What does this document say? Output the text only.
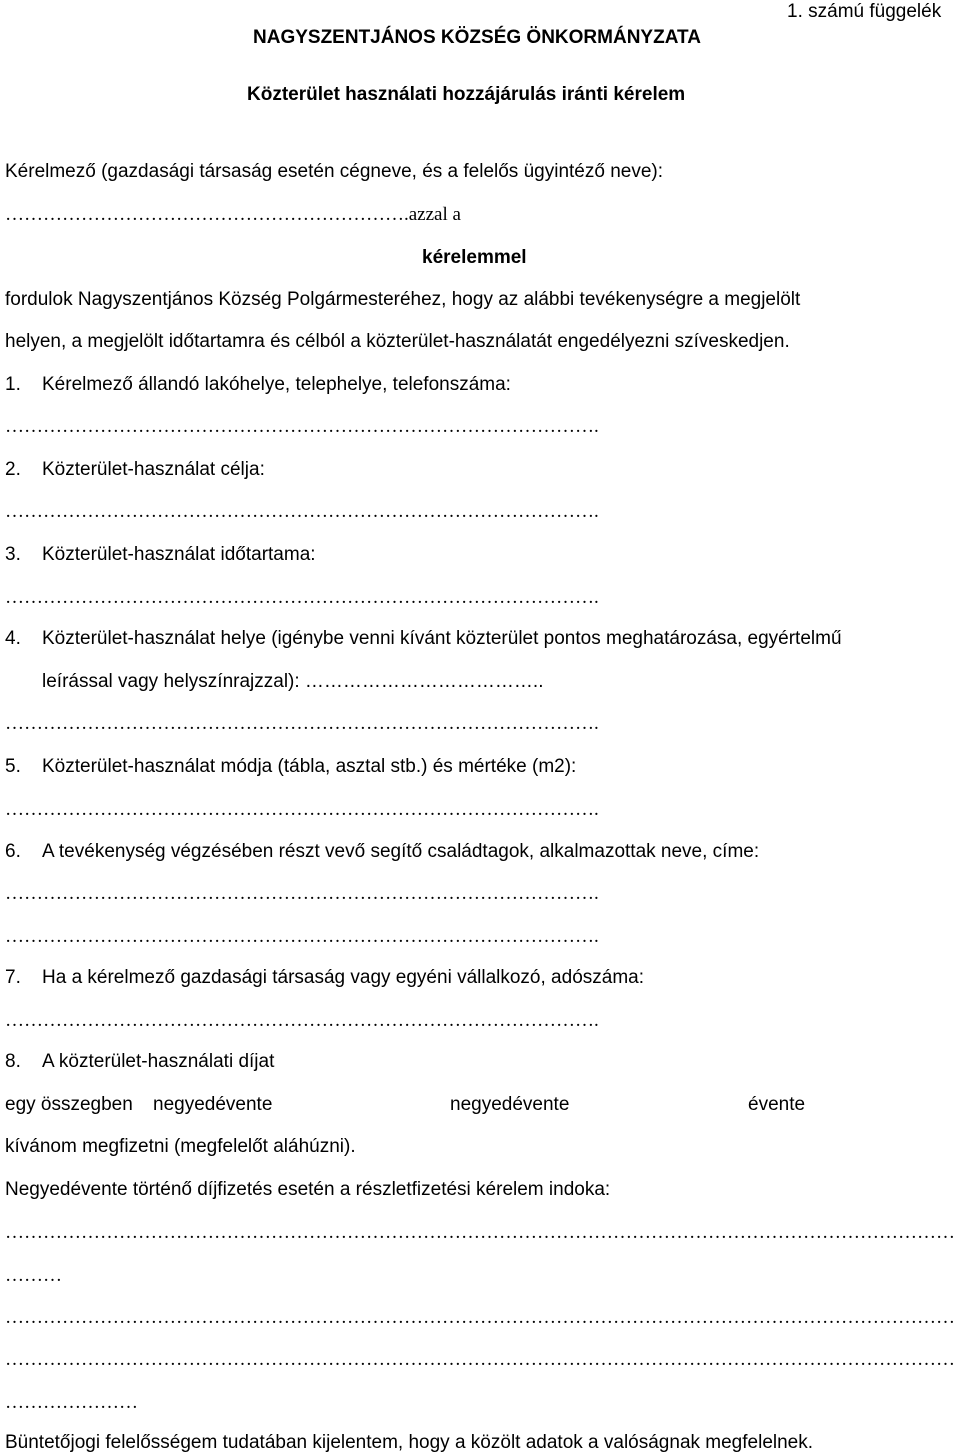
1. számú függelék
NAGYSZENTJÁNOS KÖZSÉG ÖNKORMÁNYZATA
Közterület használati hozzájárulás iránti kérelem
Kérelmező (gazdasági társaság esetén cégneve, és a felelős ügyintéző neve):
……………………………………………………….azzal a
kérelemmel
fordulok Nagyszentjános Község Polgármesteréhez, hogy az alábbi tevékenységre a megjelölt
helyen, a megjelölt időtartamra és célból a közterület-használatát engedélyezni szíveskedjen.
1. Kérelmező állandó lakóhelye, telephelye, telefonszáma:
………………………………………………………………………………….
2. Közterület-használat célja:
………………………………………………………………………………….
3. Közterület-használat időtartama:
………………………………………………………………………………….
4. Közterület-használat helye (igénybe venni kívánt közterület pontos meghatározása, egyértelmű
leírással vagy helyszínrajzzal): ………………………………..
………………………………………………………………………………….
5. Közterület-használat módja (tábla, asztal stb.) és mértéke (m2):
………………………………………………………………………………….
6. A tevékenység végzésében részt vevő segítő családtagok, alkalmazottak neve, címe:
………………………………………………………………………………….
………………………………………………………………………………….
7. Ha a kérelmező gazdasági társaság vagy egyéni vállalkozó, adószáma:
………………………………………………………………………………….
8. A közterület-használati díjat
egy összegben negyedévente	negyedévente	évente
kívánom megfizetni (megfelelőt aláhúzni).
Negyedévente történő díjfizetés esetén a részletfizetési kérelem indoka:
……………………………………………………………………………………………………………………………………
………
……………………………………………………………………………………………………………………………………
……………………………………………………………………………………………………………………………………
…………………
Büntetőjogi felelősségem tudatában kijelentem, hogy a közölt adatok a valóságnak megfelelnek.
